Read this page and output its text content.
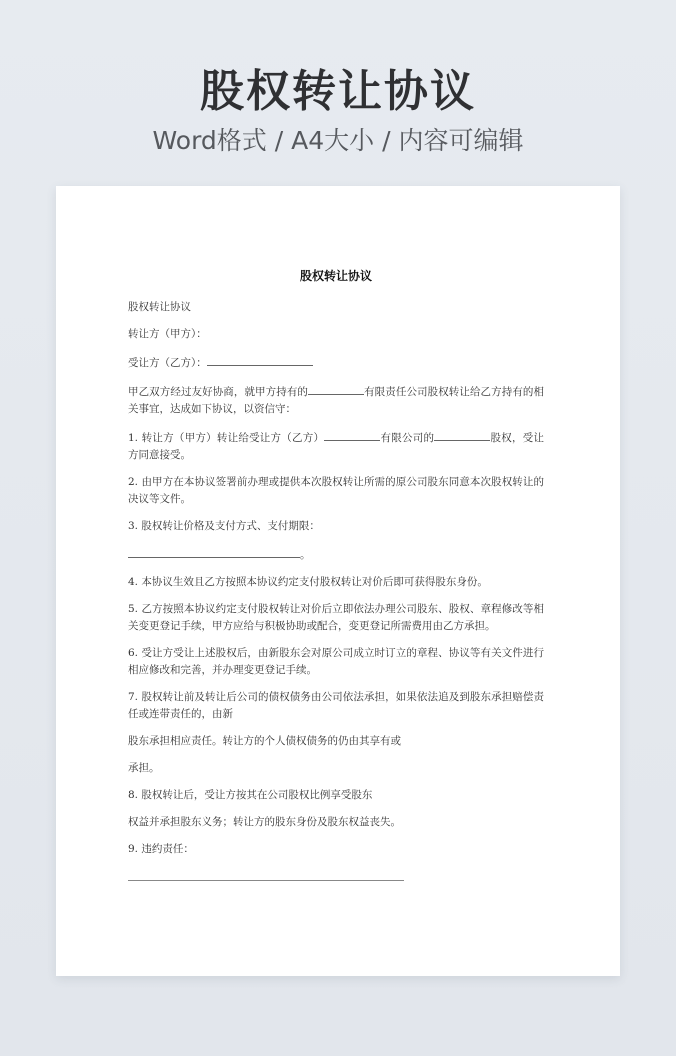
股权转让协议
Word格式 / A4大小 / 内容可编辑
股权转让协议

股权转让协议

转让方（甲方）：

受让方（乙方）：

甲乙双方经过友好协商，就甲方持有的	有限责任公司股权转让给乙方持有的相关事宜，达成如下协议，以资信守：

1. 转让方（甲方）转让给受让方（乙方）	有限公司的	股权，受让方同意接受。

2. 由甲方在本协议签署前办理或提供本次股权转让所需的原公司股东同意本次股权转让的决议等文件。

3. 股权转让价格及支付方式、支付期限：

。

4. 本协议生效且乙方按照本协议约定支付股权转让对价后即可获得股东身份。

5. 乙方按照本协议约定支付股权转让对价后立即依法办理公司股东、股权、章程修改等相关变更登记手续，甲方应给与积极协助或配合，变更登记所需费用由乙方承担。

6. 受让方受让上述股权后，由新股东会对原公司成立时订立的章程、协议等有关文件进行相应修改和完善，并办理变更登记手续。

7. 股权转让前及转让后公司的债权债务由公司依法承担，如果依法追及到股东承担赔偿责任或连带责任的，由新

股东承担相应责任。转让方的个人债权债务的仍由其享有或

承担。

8. 股权转让后，受让方按其在公司股权比例享受股东

权益并承担股东义务；转让方的股东身份及股东权益丧失。

9. 违约责任：
